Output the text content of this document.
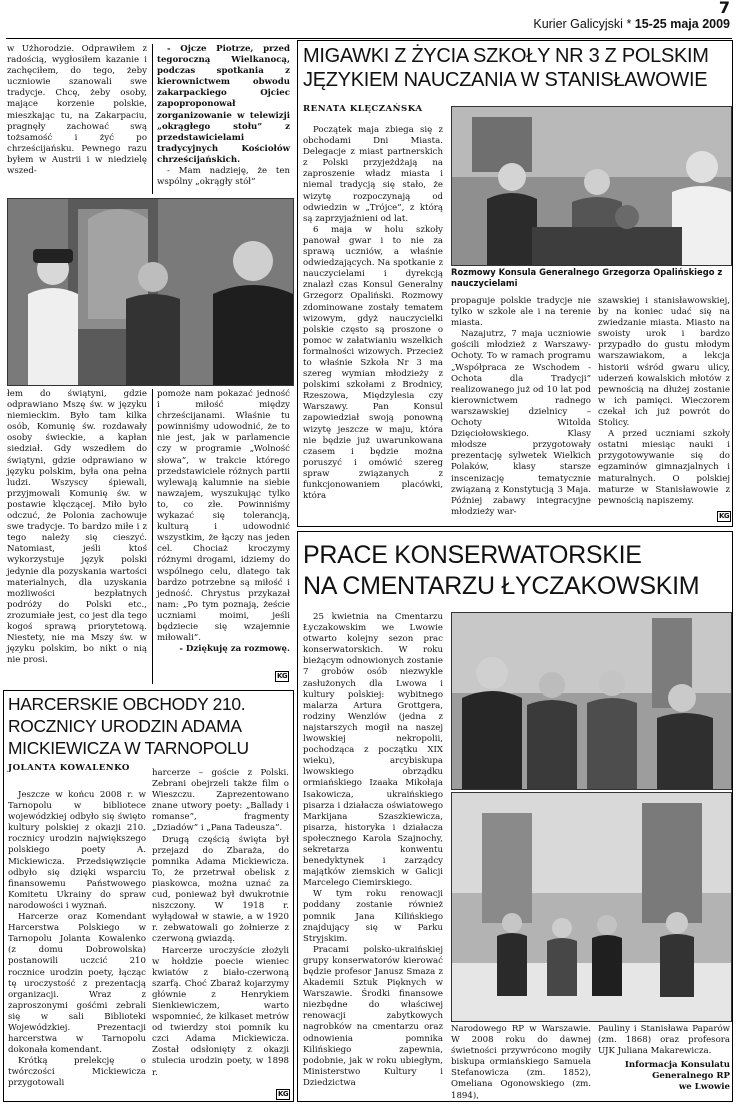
7
Kurier Galicyjski * 15-25 maja 2009

w Użhorodzie. Odprawiłem z radością, wygłosiłem kazanie i zachęciłem, do tego, żeby uczniowie szanowali swe tradycje. Chcę, żeby osoby, mające korzenie polskie, mieszkając tu, na Zakarpaciu, pragnęły zachować swą tożsamość i żyć po chrześcijańsku. Pewnego razu byłem w Austrii i w niedzielę wszed-

- Ojcze Piotrze, przed tegoroczną Wielkanocą, podczas spotkania z kierownictwem obwodu zakarpackiego Ojciec zapoproponował zorganizowanie w telewizji „okrągłego stołu” z przedstawicielami tradycyjnych Kościołów chrześcijańskich.

- Mam nadzieję, że ten wspólny „okrągły stół”

łem do świątyni, gdzie odprawiano Mszę św. w języku niemieckim. Było tam kilka osób, Komunię św. rozdawały osoby świeckie, a kapłan siedział. Gdy wszedłem do świątyni, gdzie odprawiano w języku polskim, była ona pełna ludzi. Wszyscy śpiewali, przyjmowali Komunię św. w postawie klęczącej. Miło było odczuć, że Polonia zachowuje swe tradycje. To bardzo miłe i z tego należy się cieszyć. Natomiast, jeśli ktoś wykorzystuje język polski jedynie dla pozyskania wartości materialnych, dla uzyskania możliwości bezpłatnych podróży do Polski etc., zrozumiałe jest, co jest dla tego kogoś sprawą priorytetową. Niestety, nie ma Mszy św. w języku polskim, bo nikt o nią nie prosi.

pomoże nam pokazać jedność i miłość między chrześcijanami. Właśnie tu powinniśmy udowodnić, że to nie jest, jak w parlamencie czy w programie „Wolność słowa”, w trakcie którego przedstawiciele różnych partii wylewają kalumnie na siebie nawzajem, wyszukując tylko to, co złe. Powinniśmy wykazać się tolerancją, kulturą i udowodnić wszystkim, że łączy nas jeden cel. Chociaż kroczymy różnymi drogami, idziemy do wspólnego celu, dlatego tak bardzo potrzebne są miłość i jedność. Chrystus przykazał nam: „Po tym poznają, żeście uczniami moimi, jeśli będziecie się wzajemnie miłowali”.

- Dziękuję za rozmowę.

KG
MIGAWKI Z ŻYCIA SZKOŁY NR 3 Z POLSKIM
JĘZYKIEM NAUCZANIA W STANISŁAWOWIE
RENATA KLĘCZAŃSKA

Początek maja zbiega się z obchodami Dni Miasta. Delegacje z miast partnerskich z Polski przyjeżdżają na zaproszenie władz miasta i niemal tradycją się stało, że wizytę rozpoczynają od odwiedzin w „Trójce”, z którą są zaprzyjaźnieni od lat.

6 maja w holu szkoły panował gwar i to nie za sprawą uczniów, a właśnie odwiedzających. Na spotkanie z nauczycielami i dyrekcją znalazł czas Konsul Generalny Grzegorz Opaliński. Rozmowy zdominowane zostały tematem wizowym, gdyż nauczycielki polskie często są proszone o pomoc w załatwianiu wszelkich formalności wizowych. Przecież to właśnie Szkoła Nr 3 ma szereg wymian młodzieży z polskimi szkołami z Brodnicy, Rzeszowa, Międzylesia czy Warszawy. Pan Konsul zapowiedział swoją ponowną wizytę jeszcze w maju, która nie będzie już uwarunkowana czasem i będzie można poruszyć i omówić szereg spraw związanych z funkcjonowaniem placówki, która

Rozmowy Konsula Generalnego Grzegorza Opalińskiego z nauczycielami

propaguje polskie tradycje nie tylko w szkole ale i na terenie miasta.

Nazajutrz, 7 maja uczniowie gościli młodzież z Warszawy-Ochoty. To w ramach programu „Współpraca ze Wschodem - Ochota dla Tradycji” realizowanego już od 10 lat pod kierownictwem radnego warszawskiej dzielnicy – Ochoty Witolda Dzięciołowskiego. Klasy młodsze przygotowały prezentację sylwetek Wielkich Polaków, klasy starsze inscenizację tematycznie związaną z Konstytucją 3 Maja. Później zabawy integracyjne młodzieży war-

szawskiej i stanisławowskiej, by na koniec udać się na zwiedzanie miasta. Miasto na swoisty urok i bardzo przypadło do gustu młodym warszawiakom, a lekcja historii wśród gwaru ulicy, uderzeń kowalskich młotów z pewnością na dłużej zostanie w ich pamięci. Wieczorem czekał ich już powrót do Stolicy.

A przed uczniami szkoły ostatni miesiąc nauki i przygotowywanie się do egzaminów gimnazjalnych i maturalnych. O polskiej maturze w Stanisławowie z pewnością napiszemy.

KG
HARCERSKIE OBCHODY 210.
ROCZNICY URODZIN ADAMA
MICKIEWICZA W TARNOPOLU
JOLANTA KOWALENKO

Jeszcze w końcu 2008 r. w Tarnopolu w bibliotece wojewódzkiej odbyło się święto kultury polskiej z okazji 210. rocznicy urodzin największego polskiego poety A. Mickiewicza. Przedsięwzięcie odbyło się dzięki wsparciu finansowemu Państwowego Komitetu Ukrainy do spraw narodowości i wyznań.

Harcerze oraz Komendant Harcerstwa Polskiego w Tarnopolu Jolanta Kowalenko (z domu Dobrowolska) postanowili uczcić 210 rocznice urodzin poety, łącząc tę uroczystość z prezentacją organizacji. Wraz z zaproszonymi gośćmi zebrali się w sali Biblioteki Wojewódzkiej. Prezentacji harcerstwa w Tarnopolu dokonała komendant.

Krótką prelekcję o twórczości Mickiewicza przygotowali

harcerze – goście z Polski. Zebrani obejrzeli także film o Wieszczu. Zaprezentowano znane utwory poety: „Ballady i romanse”, fragmenty „Dziadów” i „Pana Tadeusza”.

Drugą częścią święta był przejazd do Zbaraża, do pomnika Adama Mickiewicza. To, że przetrwał obelisk z piaskowca, można uznać za cud, ponieważ był dwukrotnie niszczony. W 1918 r. wyłądował w stawie, a w 1920 r. zebwatowali go żołnierze z czerwoną gwiazdą.

Harcerze uroczyście złożyli w hołdzie poecie wieniec kwiatów z biało-czerwoną szarfą. Choć Zbaraż kojarzymy głównie z Henrykiem Sienkiewiczem, warto wspomnieć, że kilkaset metrów od twierdzy stoi pomnik ku czci Adama Mickiewicza. Został odsłonięty z okazji stulecia urodzin poety, w 1898 r.

KG
PRACE KONSERWATORSKIE
NA CMENTARZU ŁYCZAKOWSKIM

25 kwietnia na Cmentarzu Łyczakowskim we Lwowie otwarto kolejny sezon prac konserwatorskich. W roku bieżącym odnowionych zostanie 7 grobów osób niezwykle zasłużonych dla Lwowa i kultury polskiej: wybitnego malarza Artura Grottgera, rodziny Wenzlów (jedna z najstarszych mogił na naszej lwowskiej nekropolii, pochodząca z początku XIX wieku), arcybiskupa lwowskiego obrządku ormiańskiego Izaaka Mikołaja Isakowicza, ukraińskiego pisarza i działacza oświatowego Markijana Szaszkiewicza, pisarza, historyka i działacza społecznego Karola Szajnochy, sekretarza konwentu benedyktynek i zarządcy majątków ziemskich w Galicji Marcelego Ciemirskiego.

W tym roku renowacji poddany zostanie również pomnik Jana Kilińskiego znajdujący się w Parku Stryjskim.

Pracami polsko-ukraińskiej grupy konserwatorów kierować będzie profesor Janusz Smaza z Akademii Sztuk Pięknych w Warszawie. Środki finansowe niezbędne do właściwej renowacji zabytkowych nagrobków na cmentarzu oraz odnowienia pomnika Kilińskiego zapewnia, podobnie, jak w roku ubiegłym, Ministerstwo Kultury i Dziedzictwa

Narodowego RP w Warszawie. W 2008 roku do dawnej świetności przywrócono mogiły biskupa ormiańskiego Samuela Stefanowicza (zm. 1852), Omeliana Ogonowskiego (zm. 1894),

Pauliny i Stanisława Paparów (zm. 1868) oraz profesora UJK Juliana Makarewicza.

Informacja Konsulatu
Generalnego RP
we Lwowie
